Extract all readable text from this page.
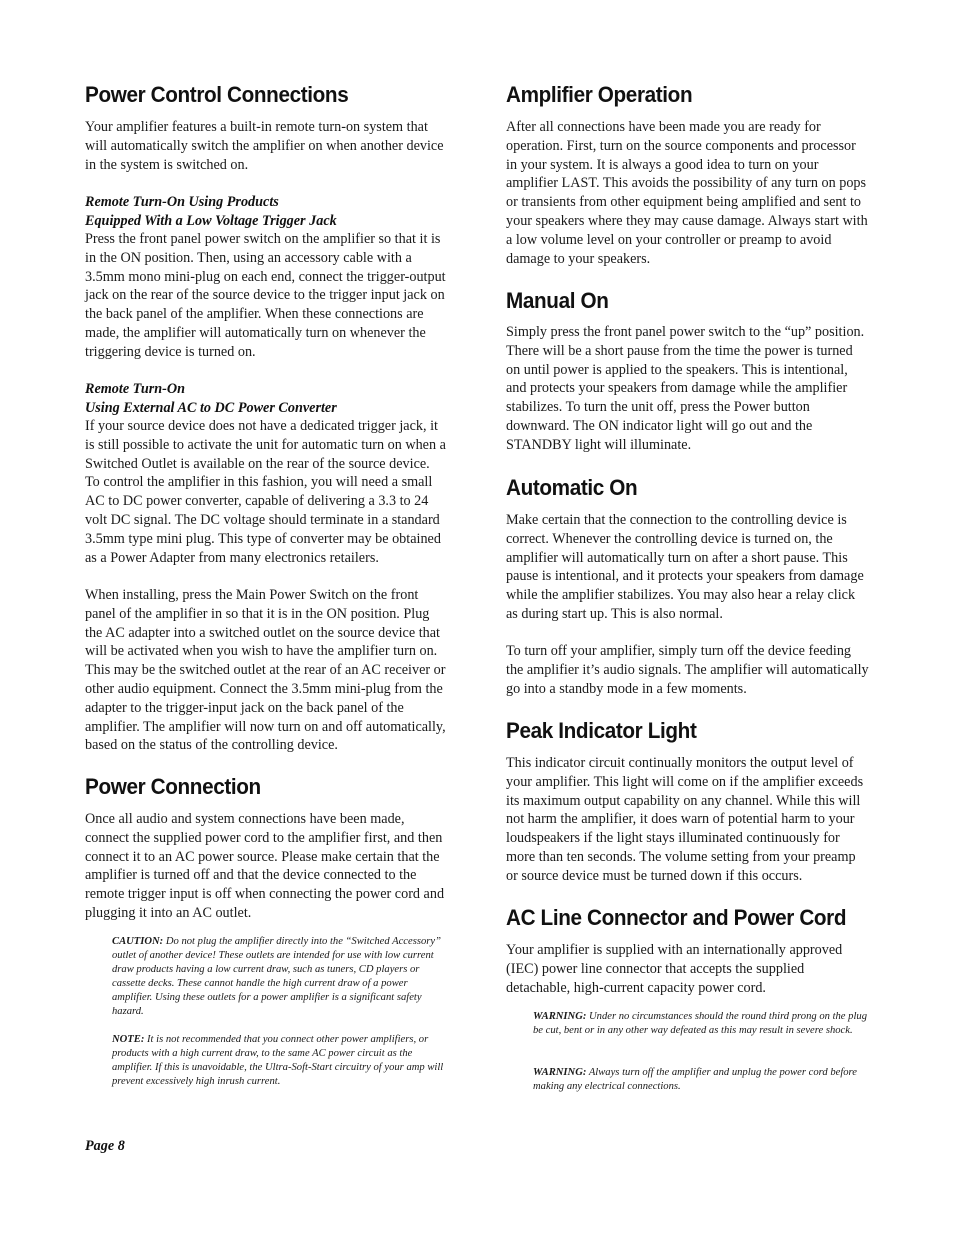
Power Control Connections

Your amplifier features a built-in remote turn-on system that will automatically switch the amplifier on when another device in the system is switched on.

Remote Turn-On Using Products
Equipped With a Low Voltage Trigger Jack

Press the front panel power switch on the amplifier so that it is in the ON position. Then, using an accessory cable with a 3.5mm mono mini-plug on each end, connect the trigger-output jack on the rear of the source device to the trigger input jack on the back panel of the amplifier. When these connections are made, the amplifier will automatically turn on whenever the triggering device is turned on.

Remote Turn-On
Using External AC to DC Power Converter

If your source device does not have a dedicated trigger jack, it is still possible to activate the unit for automatic turn on when a Switched Outlet is available on the rear of the source device. To control the amplifier in this fashion, you will need a small AC to DC power converter, capable of delivering a 3.3 to 24 volt DC signal. The DC voltage should terminate in a standard 3.5mm type mini plug. This type of converter may be obtained as a Power Adapter from many electronics retailers.

When installing, press the Main Power Switch on the front panel of the amplifier in so that it is in the ON position. Plug the AC adapter into a switched outlet on the source device that will be activated when you wish to have the amplifier turn on. This may be the switched outlet at the rear of an AC receiver or other audio equipment. Connect the 3.5mm mini-plug from the adapter to the trigger-input jack on the back panel of the amplifier. The amplifier will now turn on and off automatically, based on the status of the controlling device.

Power Connection

Once all audio and system connections have been made, connect the supplied power cord to the amplifier first, and then connect it to an AC power source. Please make certain that the amplifier is turned off and that the device connected to the remote trigger input is off when connecting the power cord and plugging it into an AC outlet.

CAUTION: Do not plug the amplifier directly into the “Switched Accessory” outlet of another device! These outlets are intended for use with low current draw products having a low current draw, such as tuners, CD players or cassette decks. These cannot handle the high current draw of a power amplifier. Using these outlets for a power amplifier is a significant safety hazard.
NOTE: It is not recommended that you connect other power amplifiers, or products with a high current draw, to the same AC power circuit as the amplifier. If this is unavoidable, the Ultra-Soft-Start circuitry of your amp will prevent excessively high inrush current.
Amplifier Operation

After all connections have been made you are ready for operation. First, turn on the source components and processor in your system. It is always a good idea to turn on your amplifier LAST. This avoids the possibility of any turn on pops or transients from other equipment being amplified and sent to your speakers where they may cause damage. Always start with a low volume level on your controller or preamp to avoid damage to your speakers.

Manual On

Simply press the front panel power switch to the “up” position. There will be a short pause from the time the power is turned on until power is applied to the speakers. This is intentional, and protects your speakers from damage while the amplifier stabilizes. To turn the unit off, press the Power button downward. The ON indicator light will go out and the STANDBY light will illuminate.

Automatic On

Make certain that the connection to the controlling device is correct. Whenever the controlling device is turned on, the amplifier will automatically turn on after a short pause. This pause is intentional, and it protects your speakers from damage while the amplifier stabilizes. You may also hear a relay click as during start up. This is also normal.

To turn off your amplifier, simply turn off the device feeding the amplifier it’s audio signals. The amplifier will automatically go into a standby mode in a few moments.

Peak Indicator Light

This indicator circuit continually monitors the output level of your amplifier. This light will come on if the amplifier exceeds its maximum output capability on any channel. While this will not harm the amplifier, it does warn of potential harm to your loudspeakers if the light stays illuminated continuously for more than ten seconds. The volume setting from your preamp or source device must be turned down if this occurs.

AC Line Connector and Power Cord

Your amplifier is supplied with an internationally approved (IEC) power line connector that accepts the supplied detachable, high-current capacity power cord.

WARNING: Under no circumstances should the round third prong on the plug be cut, bent or in any other way defeated as this may result in severe shock.
WARNING: Always turn off the amplifier and unplug the power cord before making any electrical connections.
Page 8
